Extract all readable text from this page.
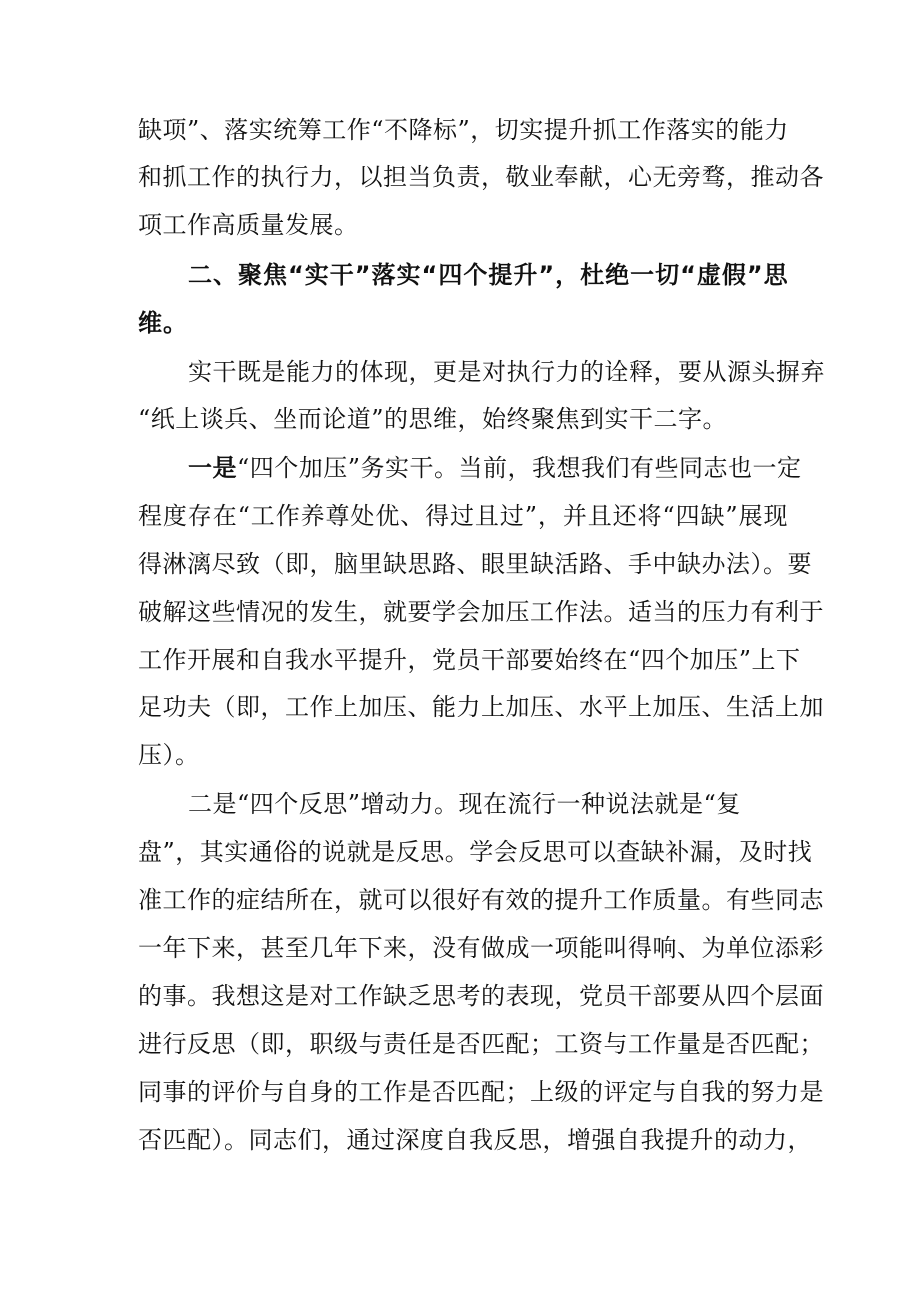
缺项”、落实统筹工作“不降标”，切实提升抓工作落实的能力
和抓工作的执行力，以担当负责，敬业奉献，心无旁骛，推动各
项工作高质量发展。
二、聚焦“实干”落实“四个提升”，杜绝一切“虚假”思
维。
实干既是能力的体现，更是对执行力的诠释，要从源头摒弃
“纸上谈兵、坐而论道”的思维，始终聚焦到实干二字。
一是“四个加压”务实干。当前，我想我们有些同志也一定
程度存在“工作养尊处优、得过且过”，并且还将“四缺”展现
得淋漓尽致（即，脑里缺思路、眼里缺活路、手中缺办法）。要
破解这些情况的发生，就要学会加压工作法。适当的压力有利于
工作开展和自我水平提升，党员干部要始终在“四个加压”上下
足功夫（即，工作上加压、能力上加压、水平上加压、生活上加
压）。
二是“四个反思”增动力。现在流行一种说法就是“复
盘”，其实通俗的说就是反思。学会反思可以查缺补漏，及时找
准工作的症结所在，就可以很好有效的提升工作质量。有些同志
一年下来，甚至几年下来，没有做成一项能叫得响、为单位添彩
的事。我想这是对工作缺乏思考的表现，党员干部要从四个层面
进行反思（即，职级与责任是否匹配；工资与工作量是否匹配；
同事的评价与自身的工作是否匹配；上级的评定与自我的努力是
否匹配）。同志们，通过深度自我反思，增强自我提升的动力，
